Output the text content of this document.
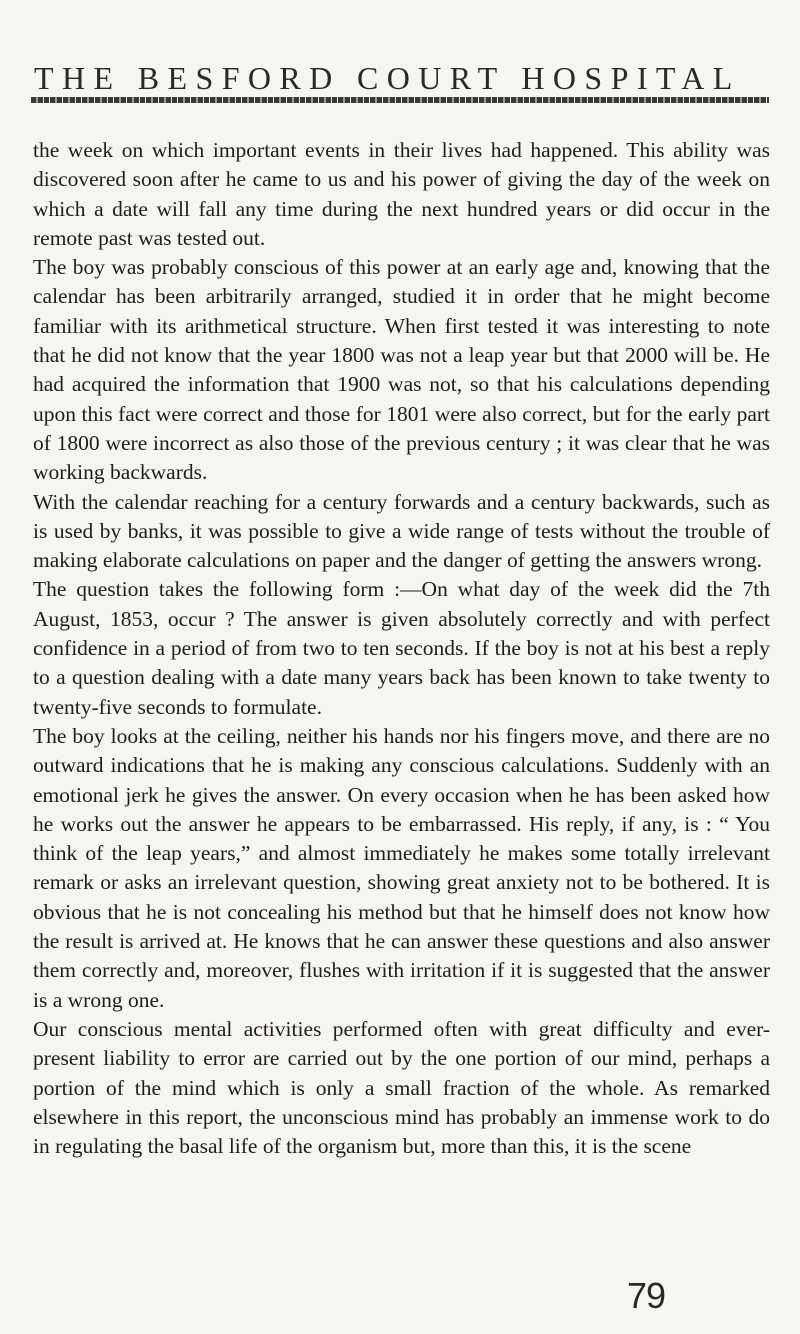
THE BESFORD COURT HOSPITAL

the week on which important events in their lives had happened. This ability was discovered soon after he came to us and his power of giving the day of the week on which a date will fall any time during the next hundred years or did occur in the remote past was tested out.

The boy was probably conscious of this power at an early age and, knowing that the calendar has been arbitrarily arranged, studied it in order that he might become familiar with its arithmetical structure. When first tested it was interesting to note that he did not know that the year 1800 was not a leap year but that 2000 will be. He had acquired the information that 1900 was not, so that his calculations depending upon this fact were correct and those for 1801 were also correct, but for the early part of 1800 were incorrect as also those of the previous century ; it was clear that he was working backwards.

With the calendar reaching for a century forwards and a century backwards, such as is used by banks, it was possible to give a wide range of tests without the trouble of making elaborate calculations on paper and the danger of getting the answers wrong.

The question takes the following form :—On what day of the week did the 7th August, 1853, occur ? The answer is given absolutely correctly and with perfect confidence in a period of from two to ten seconds. If the boy is not at his best a reply to a question dealing with a date many years back has been known to take twenty to twenty-five seconds to formulate.

The boy looks at the ceiling, neither his hands nor his fingers move, and there are no outward indications that he is making any conscious calculations. Suddenly with an emotional jerk he gives the answer. On every occasion when he has been asked how he works out the answer he appears to be embarrassed. His reply, if any, is : “ You think of the leap years,” and almost immediately he makes some totally irrelevant remark or asks an irrelevant question, showing great anxiety not to be bothered. It is obvious that he is not concealing his method but that he himself does not know how the result is arrived at. He knows that he can answer these questions and also answer them correctly and, moreover, flushes with irritation if it is suggested that the answer is a wrong one.

Our conscious mental activities performed often with great difficulty and ever-present liability to error are carried out by the one portion of our mind, perhaps a portion of the mind which is only a small fraction of the whole. As remarked elsewhere in this report, the unconscious mind has probably an immense work to do in regulating the basal life of the organism but, more than this, it is the scene

79
